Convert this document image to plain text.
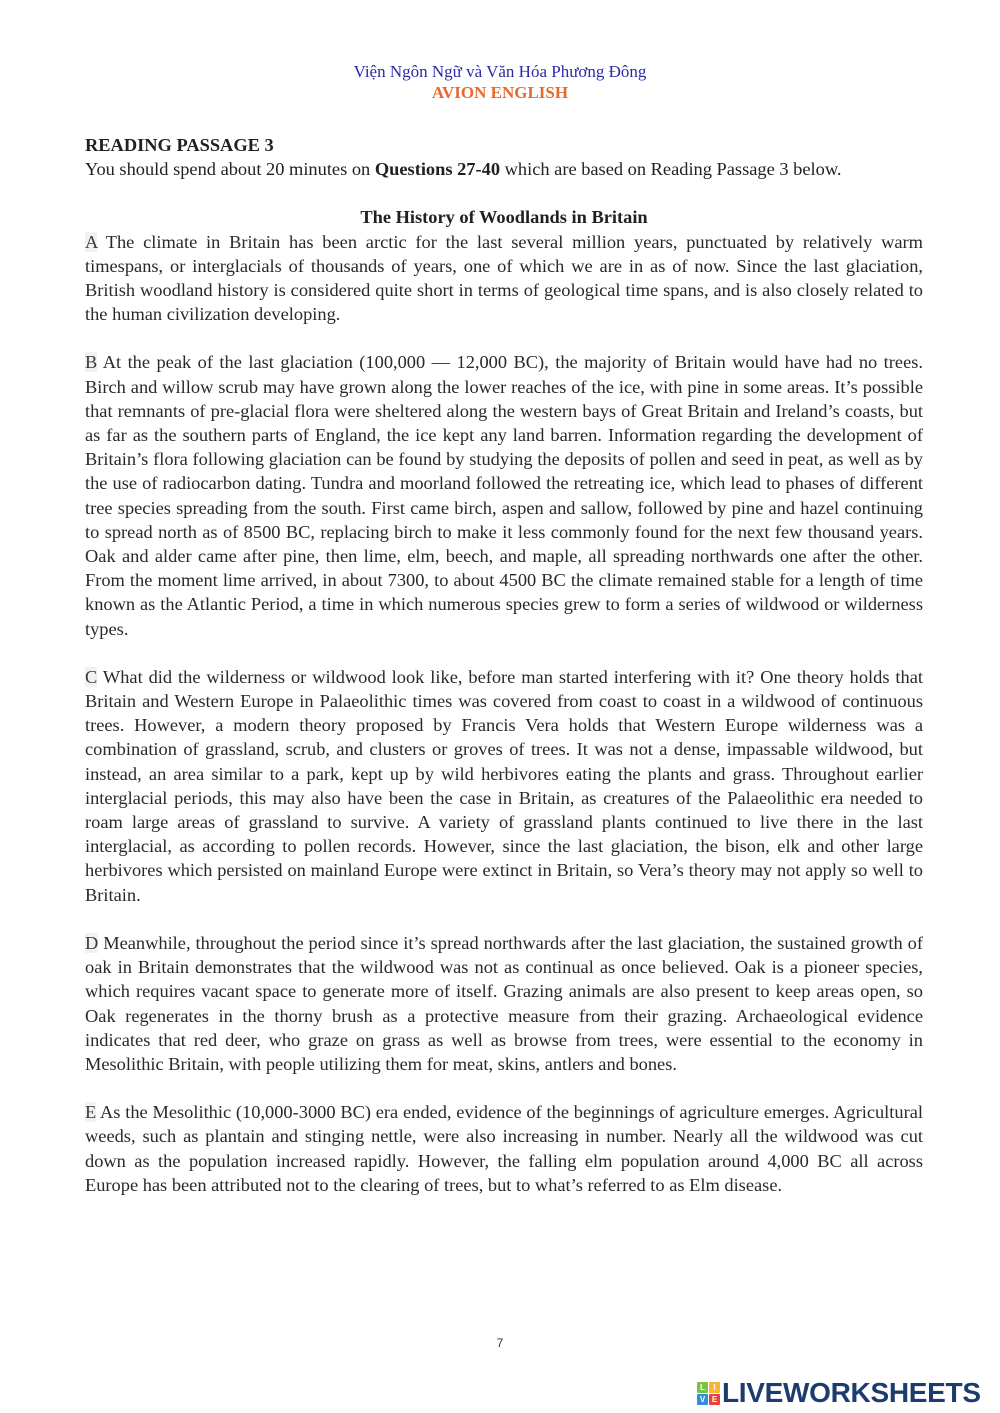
Viện Ngôn Ngữ và Văn Hóa Phương Đông
AVION ENGLISH

READING PASSAGE 3

You should spend about 20 minutes on Questions 27-40 which are based on Reading Passage 3 below.

The History of Woodlands in Britain

A The climate in Britain has been arctic for the last several million years, punctuated by relatively warm timespans, or interglacials of thousands of years, one of which we are in as of now. Since the last glaciation, British woodland history is considered quite short in terms of geological time spans, and is also closely related to the human civilization developing.

B At the peak of the last glaciation (100,000 — 12,000 BC), the majority of Britain would have had no trees. Birch and willow scrub may have grown along the lower reaches of the ice, with pine in some areas. It’s possible that remnants of pre-glacial flora were sheltered along the western bays of Great Britain and Ireland’s coasts, but as far as the southern parts of England, the ice kept any land barren. Information regarding the development of Britain’s flora following glaciation can be found by studying the deposits of pollen and seed in peat, as well as by the use of radiocarbon dating. Tundra and moorland followed the retreating ice, which lead to phases of different tree species spreading from the south. First came birch, aspen and sallow, followed by pine and hazel continuing to spread north as of 8500 BC, replacing birch to make it less commonly found for the next few thousand years. Oak and alder came after pine, then lime, elm, beech, and maple, all spreading northwards one after the other. From the moment lime arrived, in about 7300, to about 4500 BC the climate remained stable for a length of time known as the Atlantic Period, a time in which numerous species grew to form a series of wildwood or wilderness types.

C What did the wilderness or wildwood look like, before man started interfering with it? One theory holds that Britain and Western Europe in Palaeolithic times was covered from coast to coast in a wildwood of continuous trees. However, a modern theory proposed by Francis Vera holds that Western Europe wilderness was a combination of grassland, scrub, and clusters or groves of trees. It was not a dense, impassable wildwood, but instead, an area similar to a park, kept up by wild herbivores eating the plants and grass. Throughout earlier interglacial periods, this may also have been the case in Britain, as creatures of the Palaeolithic era needed to roam large areas of grassland to survive. A variety of grassland plants continued to live there in the last interglacial, as according to pollen records. However, since the last glaciation, the bison, elk and other large herbivores which persisted on mainland Europe were extinct in Britain, so Vera’s theory may not apply so well to Britain.

D Meanwhile, throughout the period since it’s spread northwards after the last glaciation, the sustained growth of oak in Britain demonstrates that the wildwood was not as continual as once believed. Oak is a pioneer species, which requires vacant space to generate more of itself. Grazing animals are also present to keep areas open, so Oak regenerates in the thorny brush as a protective measure from their grazing. Archaeological evidence indicates that red deer, who graze on grass as well as browse from trees, were essential to the economy in Mesolithic Britain, with people utilizing them for meat, skins, antlers and bones.

E As the Mesolithic (10,000-3000 BC) era ended, evidence of the beginnings of agriculture emerges. Agricultural weeds, such as plantain and stinging nettle, were also increasing in number. Nearly all the wildwood was cut down as the population increased rapidly. However, the falling elm population around 4,000 BC all across Europe has been attributed not to the clearing of trees, but to what’s referred to as Elm disease.

7
L	I
V E LIVEWORKSHEETS
